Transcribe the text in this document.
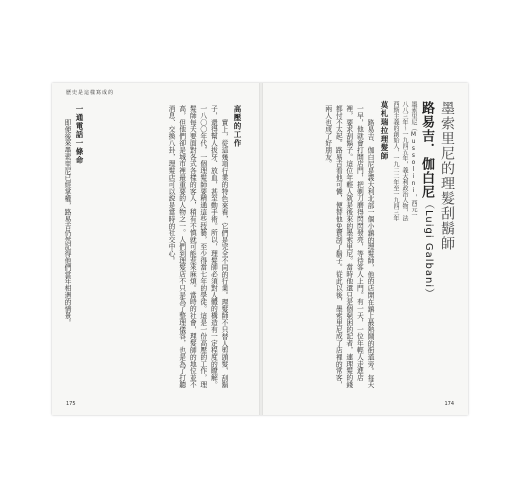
歷史是這樣寫成的
高壓的工作

實上，從這幾項行業的特色來看，它們是完全不同的行業。理髮師不只替人剪頭髮、刮鬍子，還得幫人拔牙、放血，甚至動手術。所以，理髮師必須對人體的構造有一定程度的瞭解。一八〇〇年代，一個理髮師要精通這些技藝，至少得當七年的學徒。這是一份高壓的工作，理髮師每天要面對各式各樣的客人，稍有不慎就可能惹來麻煩。當時的社會，理髮師的地位並不高，但他們卻是城市裡最重要的人物之一。人們到理髮店不只是為了整理儀容，也是為了打聽消息、交換八卦，理髮店可以說是當時的社交中心。

一通電話一條命

即便後來墨索里尼已經掌權，路易吉仍然記得他們當年相遇的情景。

175
墨索里尼的理髮刮鬍師
路易吉．伽白尼（Luigi Galbani）
墨索里尼（Mussolini，西元一八八三年～一九四五年，義大利政治人物，法西斯主義的創始人，一九二二年至一九四三年
莫札瑞拉理髮師

路易吉．伽白尼是義大利北部一個小鎮的理髮師，他的店開在鎮上最熱鬧的街道旁。每天一早，他就會打開店門，把剃刀磨得閃閃發亮，等待客人上門。有一天，一位年輕人走進店裡，要求刮鬍子。這位年輕人就是後來的墨索里尼。當時他還只是個窮困的記者，連理髮的錢都付不太起。路易吉看他可憐，便替他免費刮了鬍子。從此以後，墨索里尼成了店裡的常客，兩人也成了好朋友。

174
